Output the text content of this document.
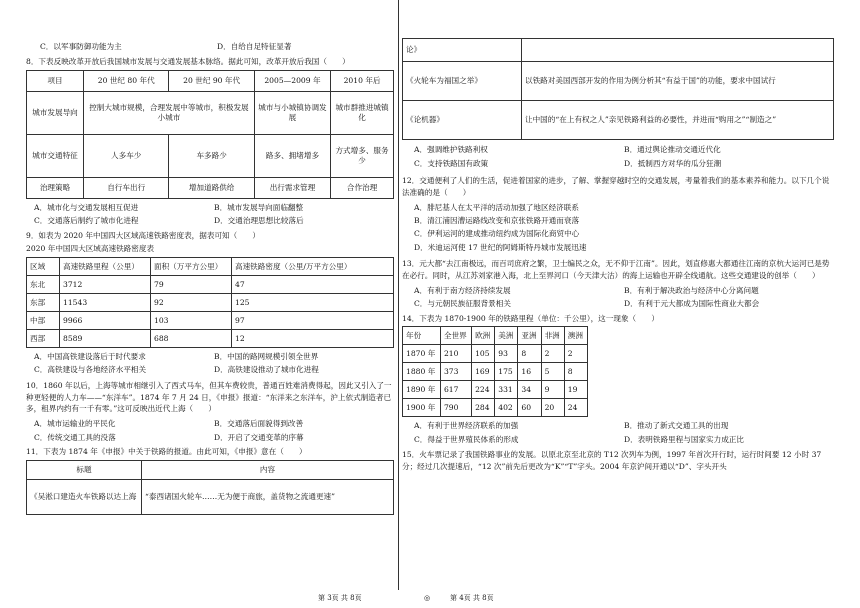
C．以军事防御功能为主	D．自给自足特征显著

8．下表反映改革开放后我国城市发展与交通发展基本脉络。据此可知，改革开放后我国（　　）

项目	20 世纪 80 年代	20 世纪 90 年代	2005—2009 年	2010 年后
城市发展导向	控制大城市规模，合理发展中等城市，积极发展小城市		城市与小城镇协调发展	城市群推进城镇化
城市交通特征	人多车少	车多路少	路多、拥堵增多	方式增多、服务少
治理策略	自行车出行	增加道路供给	出行需求管理	合作治理
A．城市化与交通发展相互促进	B．城市发展导向面临翻整
C．交通落后制约了城市化进程	D．交通治理思想比较落后

9．如表为 2020 年中国四大区域高速铁路密度表，据表可知（　　）

2020 年中国四大区域高速铁路密度表

区域	高速铁路里程（公里）	面积（万平方公里）	高速铁路密度（公里/万平方公里）
东北	3712	79	47
东部	11543	92	125
中部	9966	103	97
西部	8589	688	12
A．中国高铁建设落后于时代要求	B．中国的路网规模引领全世界
C．高铁建设与各地经济水平相关	D．高铁建设推动了城市化进程

10．1860 年以后，上海等城市相继引入了西式马车，但其车费较贵，普通百姓难消费得起，因此又引入了一种更轻便的人力车——“东洋车”。1874 年 7 月 24 日，《申报》报道：“东洋来之东洋车，沪上依式制造者已多，租界内约有一千有零。”这可反映出近代上海（　　）

A．城市运输业的平民化	B．交通落后面貌得到改善
C．传统交通工具的没落	D．开启了交通变革的序幕

11．下表为 1874 年《申报》中关于铁路的报道。由此可知，《申报》意在（　　）

标题	内容
《吴淞口建造火车铁路以达上海	“泰西诸国火轮车……无为便于商旅，盖货物之流通更速”
论》	
《火轮车为福国之举》	以铁路对美国西部开发的作用为例分析其“有益于国”的功能，要求中国试行
《论机器》	让中国的“在上有权之人”亲见铁路利益的必要性，并进而“购用之”“制造之”
A．强调维护铁路利权	B．通过舆论推动交通近代化
C．支持铁路国有政策	D．抵制西方对华的瓜分狂潮

12．交通便利了人们的生活，促进着国家的进步，了解、掌握穿越时空的交通发展，考量着我们的基本素养和能力。以下几个说法准确的是（　　）

A．腓尼基人在太平洋的活动加强了地区经济联系

B．清江浦因漕运路线改变和京张铁路开通而衰落

C．伊利运河的建成推动纽约成为国际化商贸中心

D．米迪运河使 17 世纪的阿姆斯特丹城市发展迅速

13．元大都“去江南极远，而百司庶府之繁，卫士编民之众，无不仰于江南”。因此，划直修惠大都通往江南的京杭大运河已是势在必行。同时，从江苏刘家港入海，北上至界河口（今天津大沽）的海上运输也开辟全线通航。这些交通建设的创举（　　）

A．有利于南方经济持续发展	B．有利于解决政治与经济中心分离问题
C．与元朝民族征服背景相关	D．有利于元大都成为国际性商业大都会

14．下表为 1870-1900 年的铁路里程（单位：千公里），这一现象（　　）

年份	全世界	欧洲	美洲	亚洲	非洲	澳洲
1870 年	210	105	93	8	2	2
1880 年	373	169	175	16	5	8
1890 年	617	224	331	34	9	19
1900 年	790	284	402	60	20	24
A．有利于世界经济联系的加强	B．推动了新式交通工具的出现
C．得益于世界殖民体系的形成	D．表明铁路里程与国家实力成正比

15．火车票记录了我国铁路事业的发展。以原北京至北京的 T12 次列车为例，1997 年首次开行时，运行时间要 12 小时 37 分；经过几次提速后，“12 次”前先后更改为“K”“T”字头。2004 年京沪间开通以“D”、字头开头

第 3页 共 8页	◎	第 4页 共 8页
